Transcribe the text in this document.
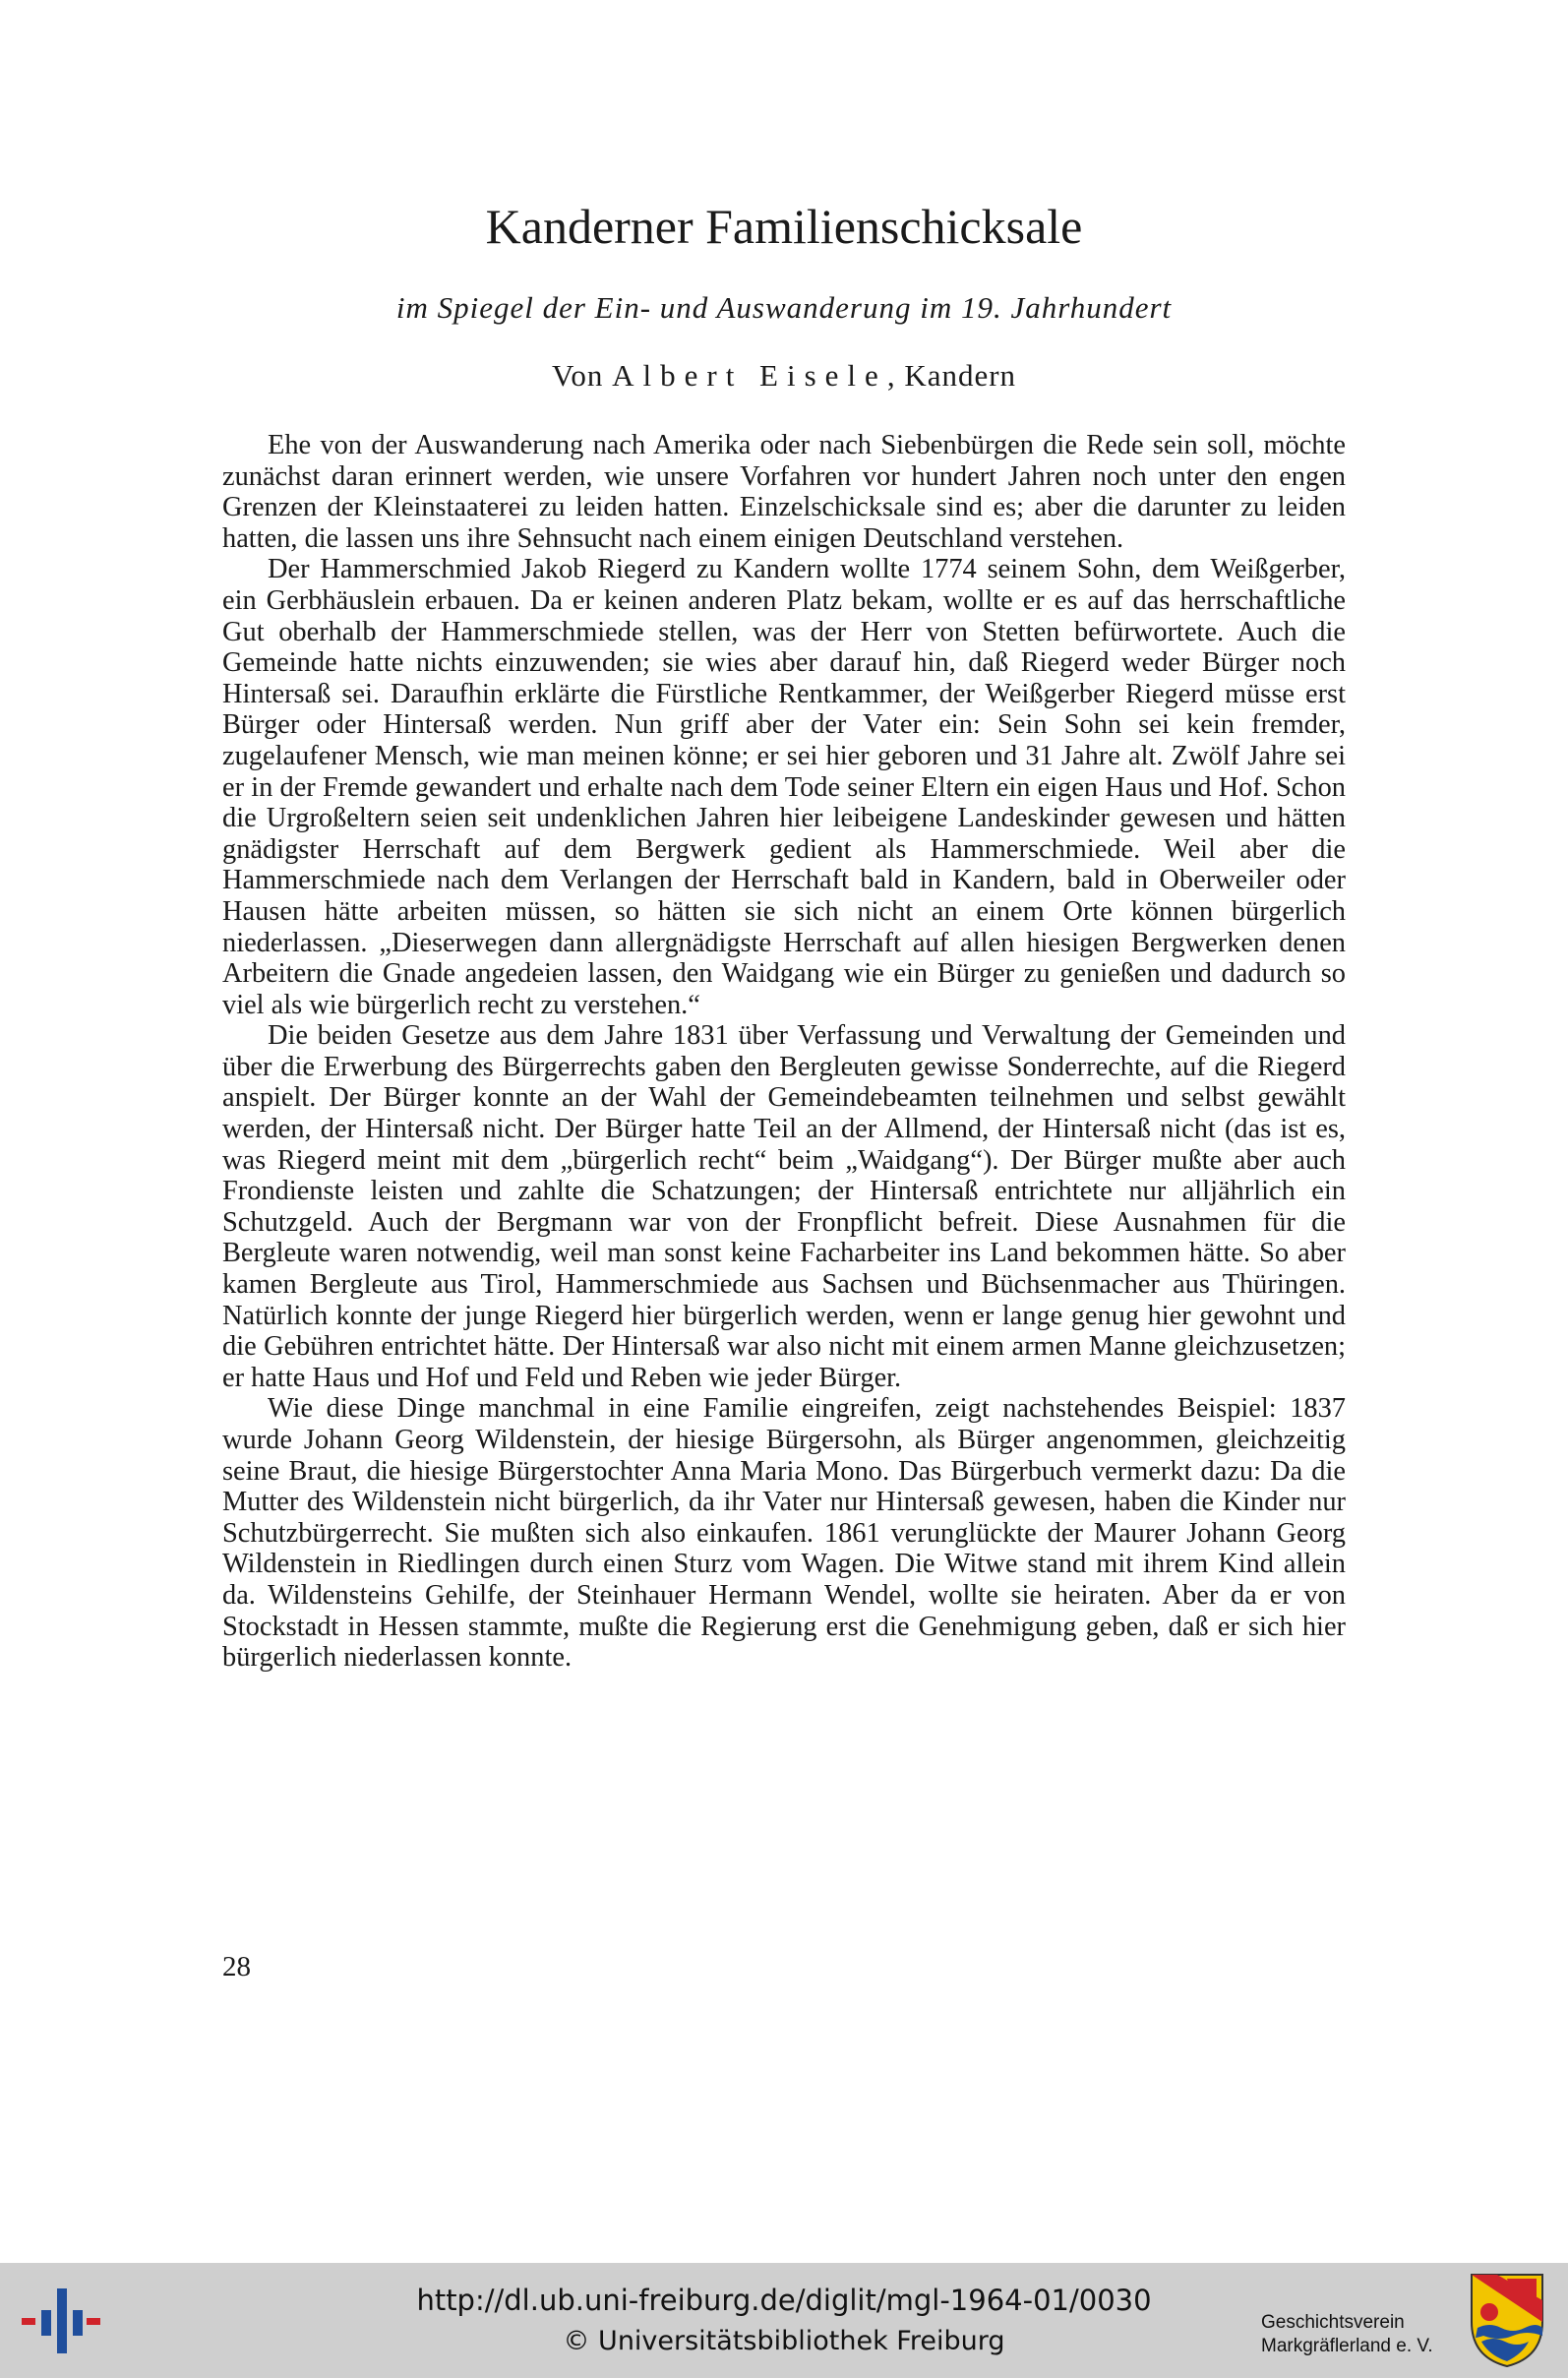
Kanderner Familienschicksale
im Spiegel der Ein- und Auswanderung im 19. Jahrhundert
Von Albert Eisele, Kandern

Ehe von der Auswanderung nach Amerika oder nach Siebenbürgen die Rede sein soll, möchte zunächst daran erinnert werden, wie unsere Vorfahren vor hundert Jahren noch unter den engen Grenzen der Kleinstaaterei zu leiden hatten. Einzelschicksale sind es; aber die darunter zu leiden hatten, die lassen uns ihre Sehnsucht nach einem einigen Deutschland verstehen.

Der Hammerschmied Jakob Riegerd zu Kandern wollte 1774 seinem Sohn, dem Weißgerber, ein Gerbhäuslein erbauen. Da er keinen anderen Platz bekam, wollte er es auf das herrschaftliche Gut oberhalb der Hammerschmiede stellen, was der Herr von Stetten befürwortete. Auch die Gemeinde hatte nichts einzuwenden; sie wies aber darauf hin, daß Riegerd weder Bürger noch Hintersaß sei. Daraufhin erklärte die Fürstliche Rentkammer, der Weißgerber Riegerd müsse erst Bürger oder Hintersaß werden. Nun griff aber der Vater ein: Sein Sohn sei kein fremder, zugelaufener Mensch, wie man meinen könne; er sei hier geboren und 31 Jahre alt. Zwölf Jahre sei er in der Fremde gewandert und erhalte nach dem Tode seiner Eltern ein eigen Haus und Hof. Schon die Urgroßeltern seien seit undenklichen Jahren hier leibeigene Landeskinder gewesen und hätten gnädigster Herrschaft auf dem Bergwerk gedient als Hammerschmiede. Weil aber die Hammerschmiede nach dem Verlangen der Herrschaft bald in Kandern, bald in Oberweiler oder Hausen hätte arbeiten müssen, so hätten sie sich nicht an einem Orte können bürgerlich niederlassen. „Dieserwegen dann allergnädigste Herrschaft auf allen hiesigen Bergwerken denen Arbeitern die Gnade angedeien lassen, den Waidgang wie ein Bürger zu genießen und dadurch so viel als wie bürgerlich recht zu verstehen.“

Die beiden Gesetze aus dem Jahre 1831 über Verfassung und Verwaltung der Gemeinden und über die Erwerbung des Bürgerrechts gaben den Bergleuten gewisse Sonderrechte, auf die Riegerd anspielt. Der Bürger konnte an der Wahl der Gemeindebeamten teilnehmen und selbst gewählt werden, der Hintersaß nicht. Der Bürger hatte Teil an der Allmend, der Hintersaß nicht (das ist es, was Riegerd meint mit dem „bürgerlich recht“ beim „Waidgang“). Der Bürger mußte aber auch Frondienste leisten und zahlte die Schatzungen; der Hintersaß entrichtete nur alljährlich ein Schutzgeld. Auch der Bergmann war von der Fronpflicht befreit. Diese Ausnahmen für die Bergleute waren notwendig, weil man sonst keine Facharbeiter ins Land bekommen hätte. So aber kamen Bergleute aus Tirol, Hammerschmiede aus Sachsen und Büchsenmacher aus Thüringen. Natürlich konnte der junge Riegerd hier bürgerlich werden, wenn er lange genug hier gewohnt und die Gebühren entrichtet hätte. Der Hintersaß war also nicht mit einem armen Manne gleichzusetzen; er hatte Haus und Hof und Feld und Reben wie jeder Bürger.

Wie diese Dinge manchmal in eine Familie eingreifen, zeigt nachstehendes Beispiel: 1837 wurde Johann Georg Wildenstein, der hiesige Bürgersohn, als Bürger angenommen, gleichzeitig seine Braut, die hiesige Bürgerstochter Anna Maria Mono. Das Bürgerbuch vermerkt dazu: Da die Mutter des Wildenstein nicht bürgerlich, da ihr Vater nur Hintersaß gewesen, haben die Kinder nur Schutzbürgerrecht. Sie mußten sich also einkaufen. 1861 verunglückte der Maurer Johann Georg Wildenstein in Riedlingen durch einen Sturz vom Wagen. Die Witwe stand mit ihrem Kind allein da. Wildensteins Gehilfe, der Steinhauer Hermann Wendel, wollte sie heiraten. Aber da er von Stockstadt in Hessen stammte, mußte die Regierung erst die Genehmigung geben, daß er sich hier bürgerlich niederlassen konnte.

28
http://dl.ub.uni-freiburg.de/diglit/mgl-1964-01/0030
© Universitätsbibliothek Freiburg
Geschichtsverein
Markgräflerland e. V.
